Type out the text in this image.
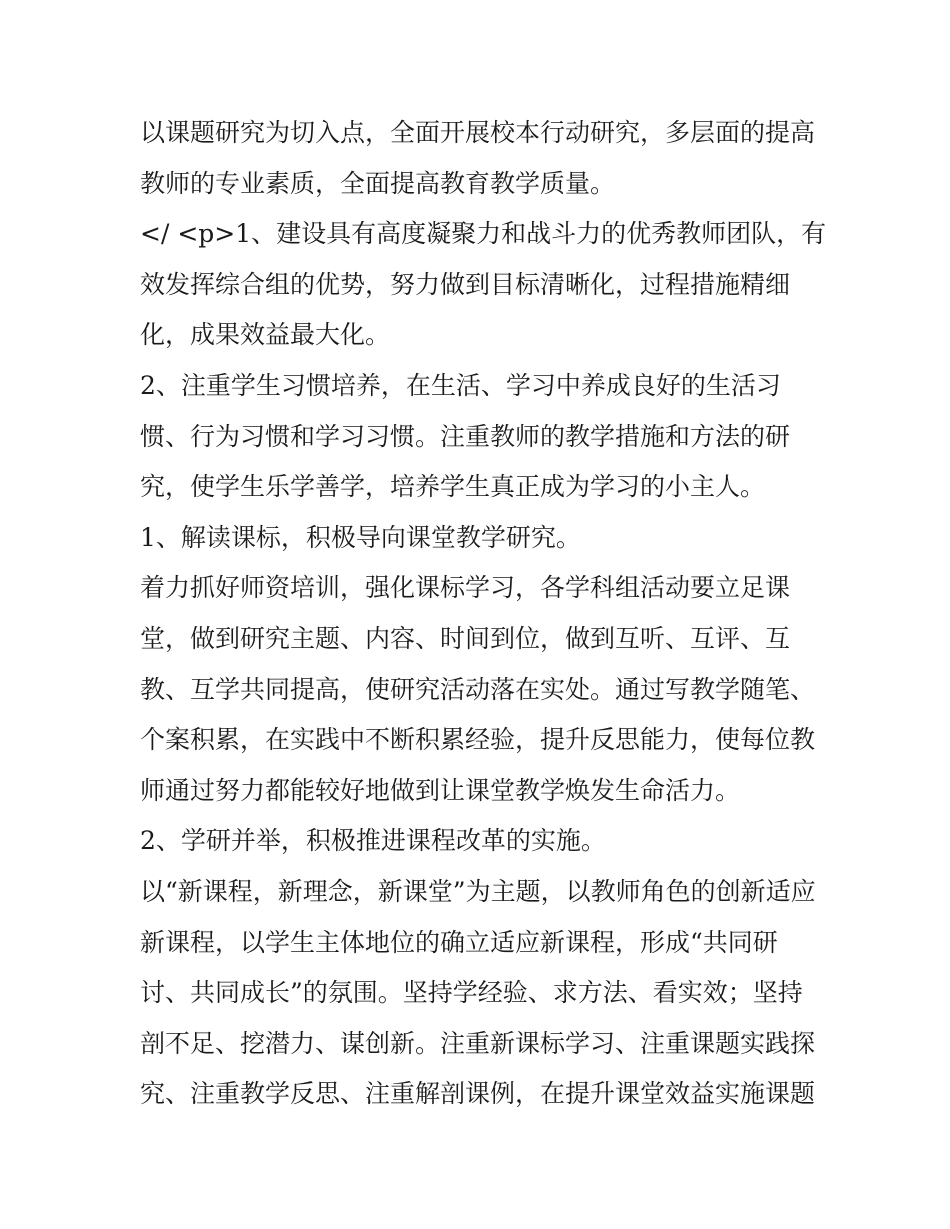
以课题研究为切入点，全面开展校本行动研究，多层面的提高
教师的专业素质，全面提高教育教学质量。
</ <p>1、建设具有高度凝聚力和战斗力的优秀教师团队，有
效发挥综合组的优势，努力做到目标清晰化，过程措施精细
化，成果效益最大化。
2、注重学生习惯培养，在生活、学习中养成良好的生活习
惯、行为习惯和学习习惯。注重教师的教学措施和方法的研
究，使学生乐学善学，培养学生真正成为学习的小主人。
1、解读课标，积极导向课堂教学研究。
着力抓好师资培训，强化课标学习，各学科组活动要立足课
堂，做到研究主题、内容、时间到位，做到互听、互评、互
教、互学共同提高，使研究活动落在实处。通过写教学随笔、
个案积累，在实践中不断积累经验，提升反思能力，使每位教
师通过努力都能较好地做到让课堂教学焕发生命活力。
2、学研并举，积极推进课程改革的实施。
以“新课程，新理念，新课堂”为主题，以教师角色的创新适应
新课程，以学生主体地位的确立适应新课程，形成“共同研
讨、共同成长”的氛围。坚持学经验、求方法、看实效；坚持
剖不足、挖潜力、谋创新。注重新课标学习、注重课题实践探
究、注重教学反思、注重解剖课例，在提升课堂效益实施课题
